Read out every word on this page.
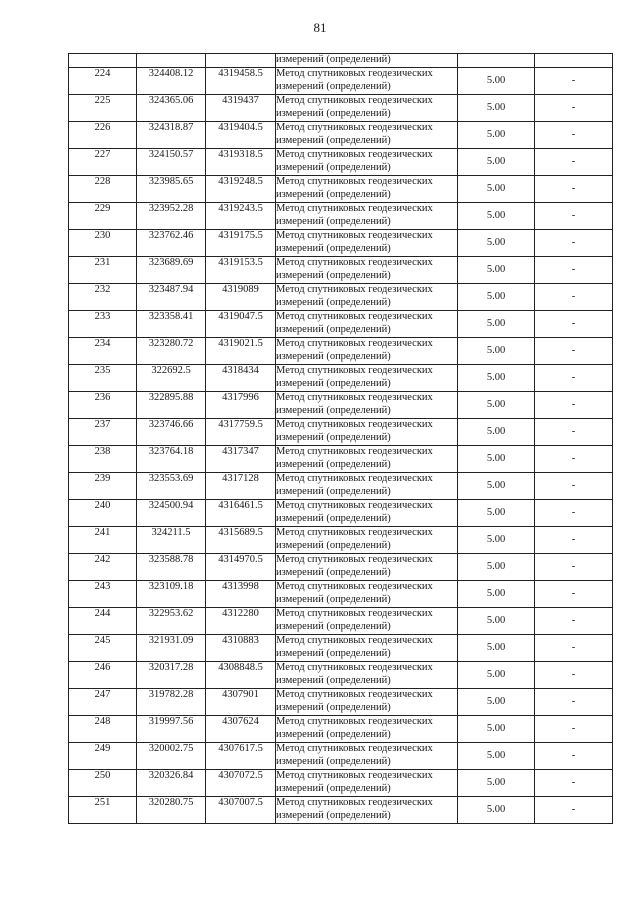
81
			измерений (определений)		
224	324408.12	4319458.5	Метод спутниковых геодезических измерений (определений)	5.00	-
225	324365.06	4319437	Метод спутниковых геодезических измерений (определений)	5.00	-
226	324318.87	4319404.5	Метод спутниковых геодезических измерений (определений)	5.00	-
227	324150.57	4319318.5	Метод спутниковых геодезических измерений (определений)	5.00	-
228	323985.65	4319248.5	Метод спутниковых геодезических измерений (определений)	5.00	-
229	323952.28	4319243.5	Метод спутниковых геодезических измерений (определений)	5.00	-
230	323762.46	4319175.5	Метод спутниковых геодезических измерений (определений)	5.00	-
231	323689.69	4319153.5	Метод спутниковых геодезических измерений (определений)	5.00	-
232	323487.94	4319089	Метод спутниковых геодезических измерений (определений)	5.00	-
233	323358.41	4319047.5	Метод спутниковых геодезических измерений (определений)	5.00	-
234	323280.72	4319021.5	Метод спутниковых геодезических измерений (определений)	5.00	-
235	322692.5	4318434	Метод спутниковых геодезических измерений (определений)	5.00	-
236	322895.88	4317996	Метод спутниковых геодезических измерений (определений)	5.00	-
237	323746.66	4317759.5	Метод спутниковых геодезических измерений (определений)	5.00	-
238	323764.18	4317347	Метод спутниковых геодезических измерений (определений)	5.00	-
239	323553.69	4317128	Метод спутниковых геодезических измерений (определений)	5.00	-
240	324500.94	4316461.5	Метод спутниковых геодезических измерений (определений)	5.00	-
241	324211.5	4315689.5	Метод спутниковых геодезических измерений (определений)	5.00	-
242	323588.78	4314970.5	Метод спутниковых геодезических измерений (определений)	5.00	-
243	323109.18	4313998	Метод спутниковых геодезических измерений (определений)	5.00	-
244	322953.62	4312280	Метод спутниковых геодезических измерений (определений)	5.00	-
245	321931.09	4310883	Метод спутниковых геодезических измерений (определений)	5.00	-
246	320317.28	4308848.5	Метод спутниковых геодезических измерений (определений)	5.00	-
247	319782.28	4307901	Метод спутниковых геодезических измерений (определений)	5.00	-
248	319997.56	4307624	Метод спутниковых геодезических измерений (определений)	5.00	-
249	320002.75	4307617.5	Метод спутниковых геодезических измерений (определений)	5.00	-
250	320326.84	4307072.5	Метод спутниковых геодезических измерений (определений)	5.00	-
251	320280.75	4307007.5	Метод спутниковых геодезических измерений (определений)	5.00	-
